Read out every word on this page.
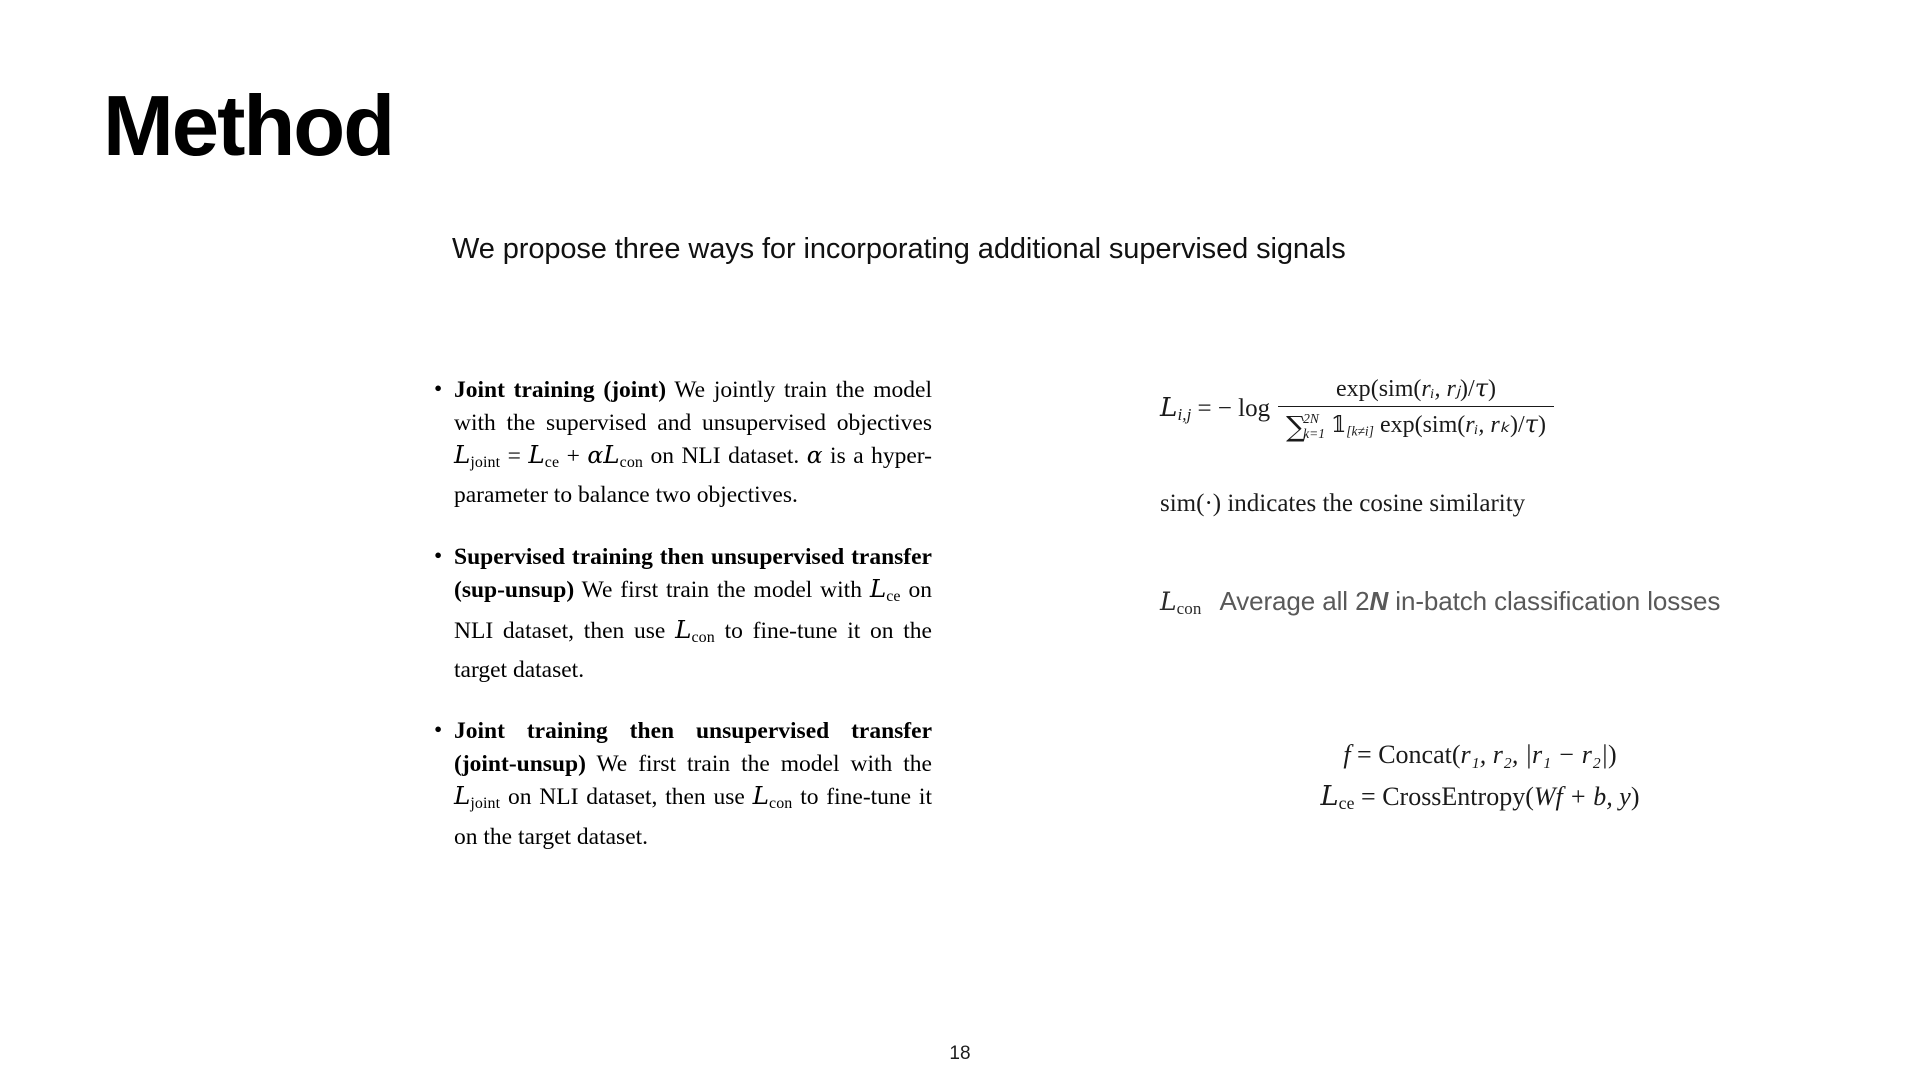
Method
We propose three ways for incorporating additional supervised signals
• Joint training (joint) We jointly train the model with the supervised and unsupervised objectives $L_{joint} = L_{ce} + \alpha L_{con}$ on NLI dataset. α is a hyper-parameter to balance two objectives.
• Supervised training then unsupervised transfer (sup-unsup) We first train the model with $L_{ce}$ on NLI dataset, then use $L_{con}$ to fine-tune it on the target dataset.
• Joint training then unsupervised transfer (joint-unsup) We first train the model with the $L_{joint}$ on NLI dataset, then use $L_{con}$ to fine-tune it on the target dataset.
$L_{i,j}$ = − log exp(sim(rᵢ, rⱼ)/τ)
∑
2N
k=1 𝟙[k≠i] exp(sim(rᵢ, rₖ)/τ)
sim(·) indicates the cosine similarity
$L_{con}$ Average all 2N in-batch classification losses
f = Concat(r₁, r₂, |r₁ − r₂|)
$L_{ce}$ = CrossEntropy(Wf + b, y)
18
